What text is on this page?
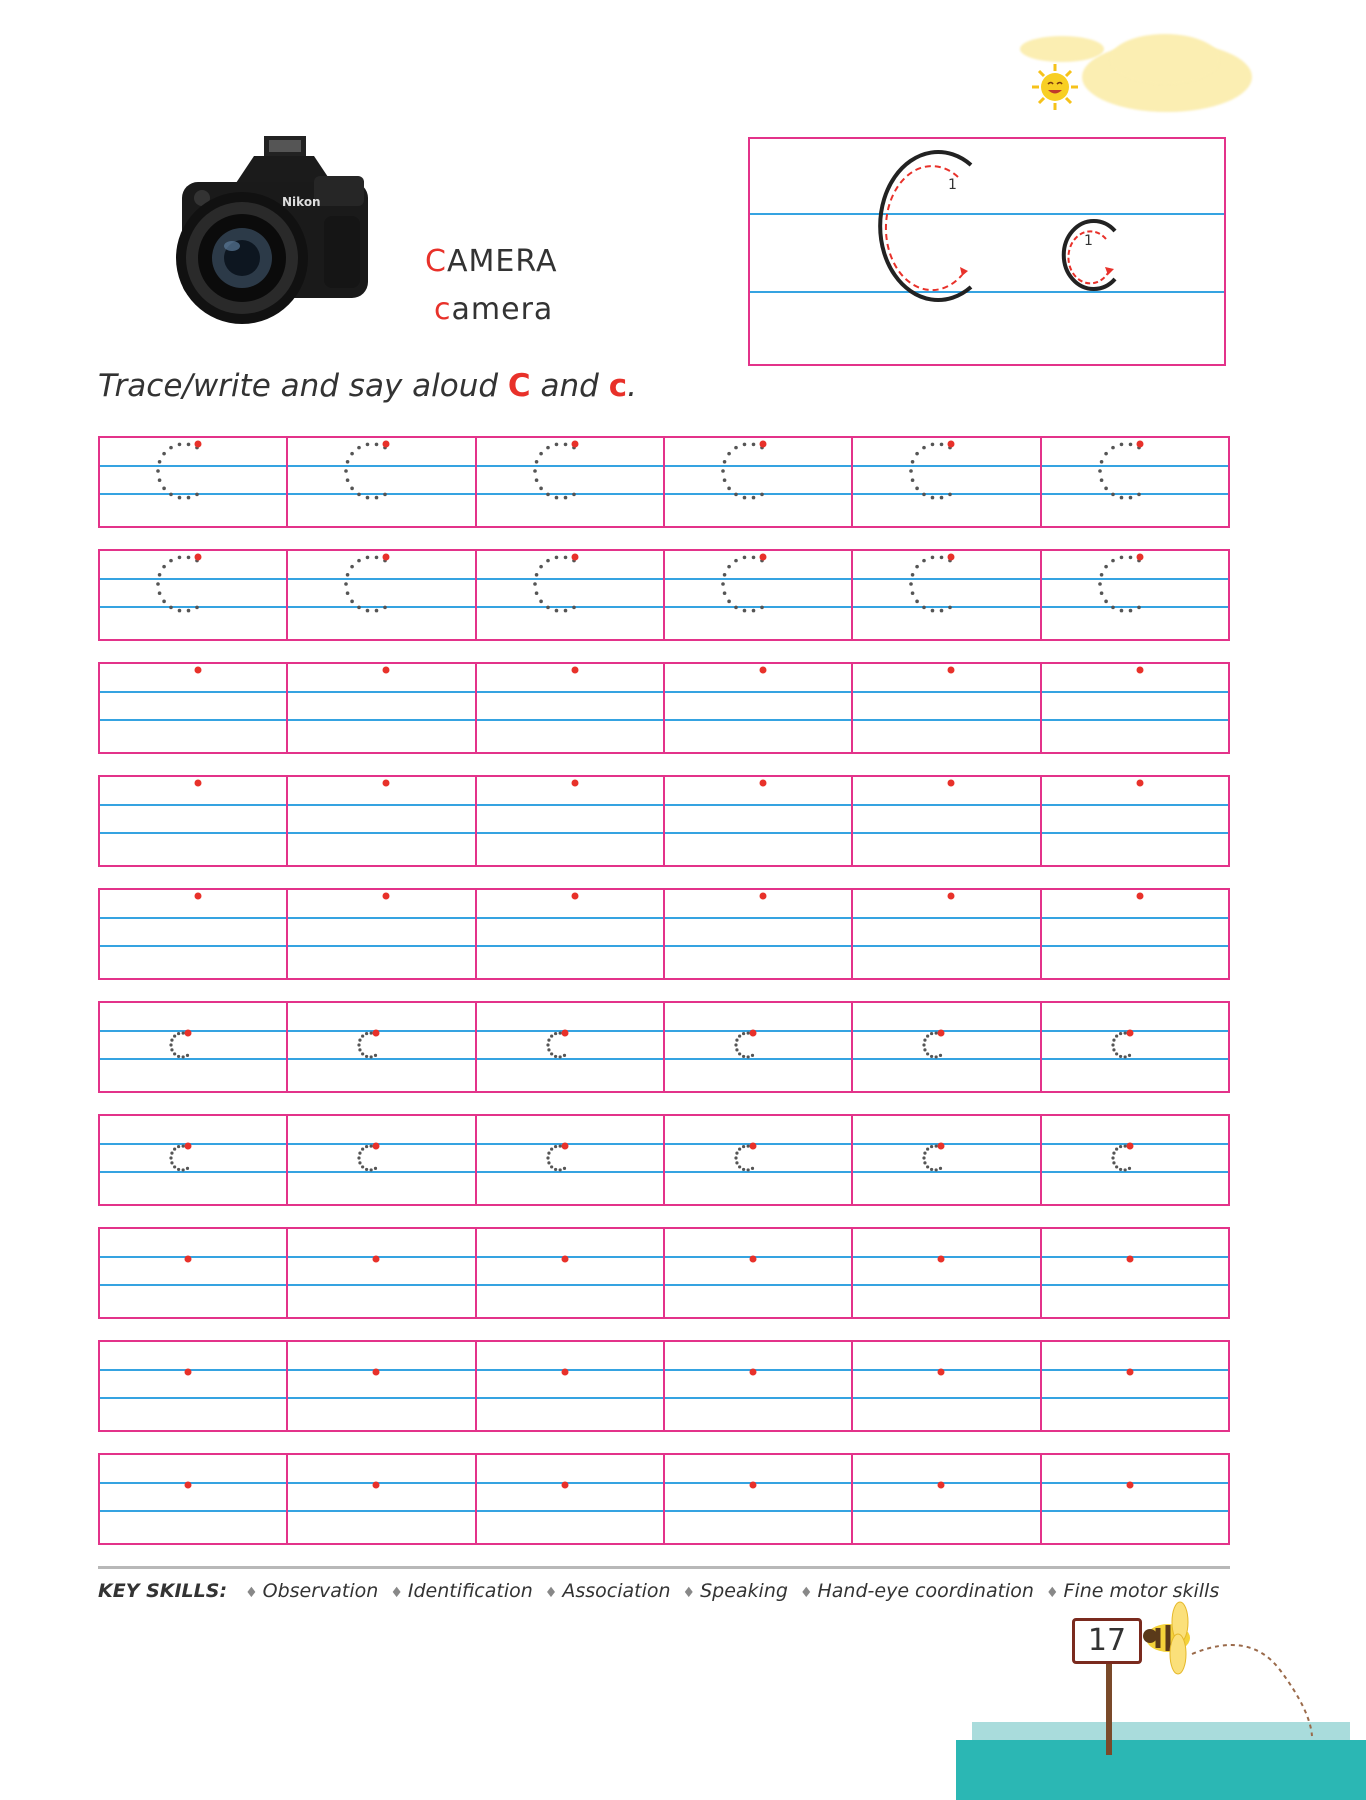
Nikon
CAMERA
camera
1
1
Trace/write and say aloud C and c.
KEY SKILLS: ♦ Observation ♦ Identification ♦ Association ♦ Speaking ♦ Hand-eye coordination ♦ Fine motor skills
17
